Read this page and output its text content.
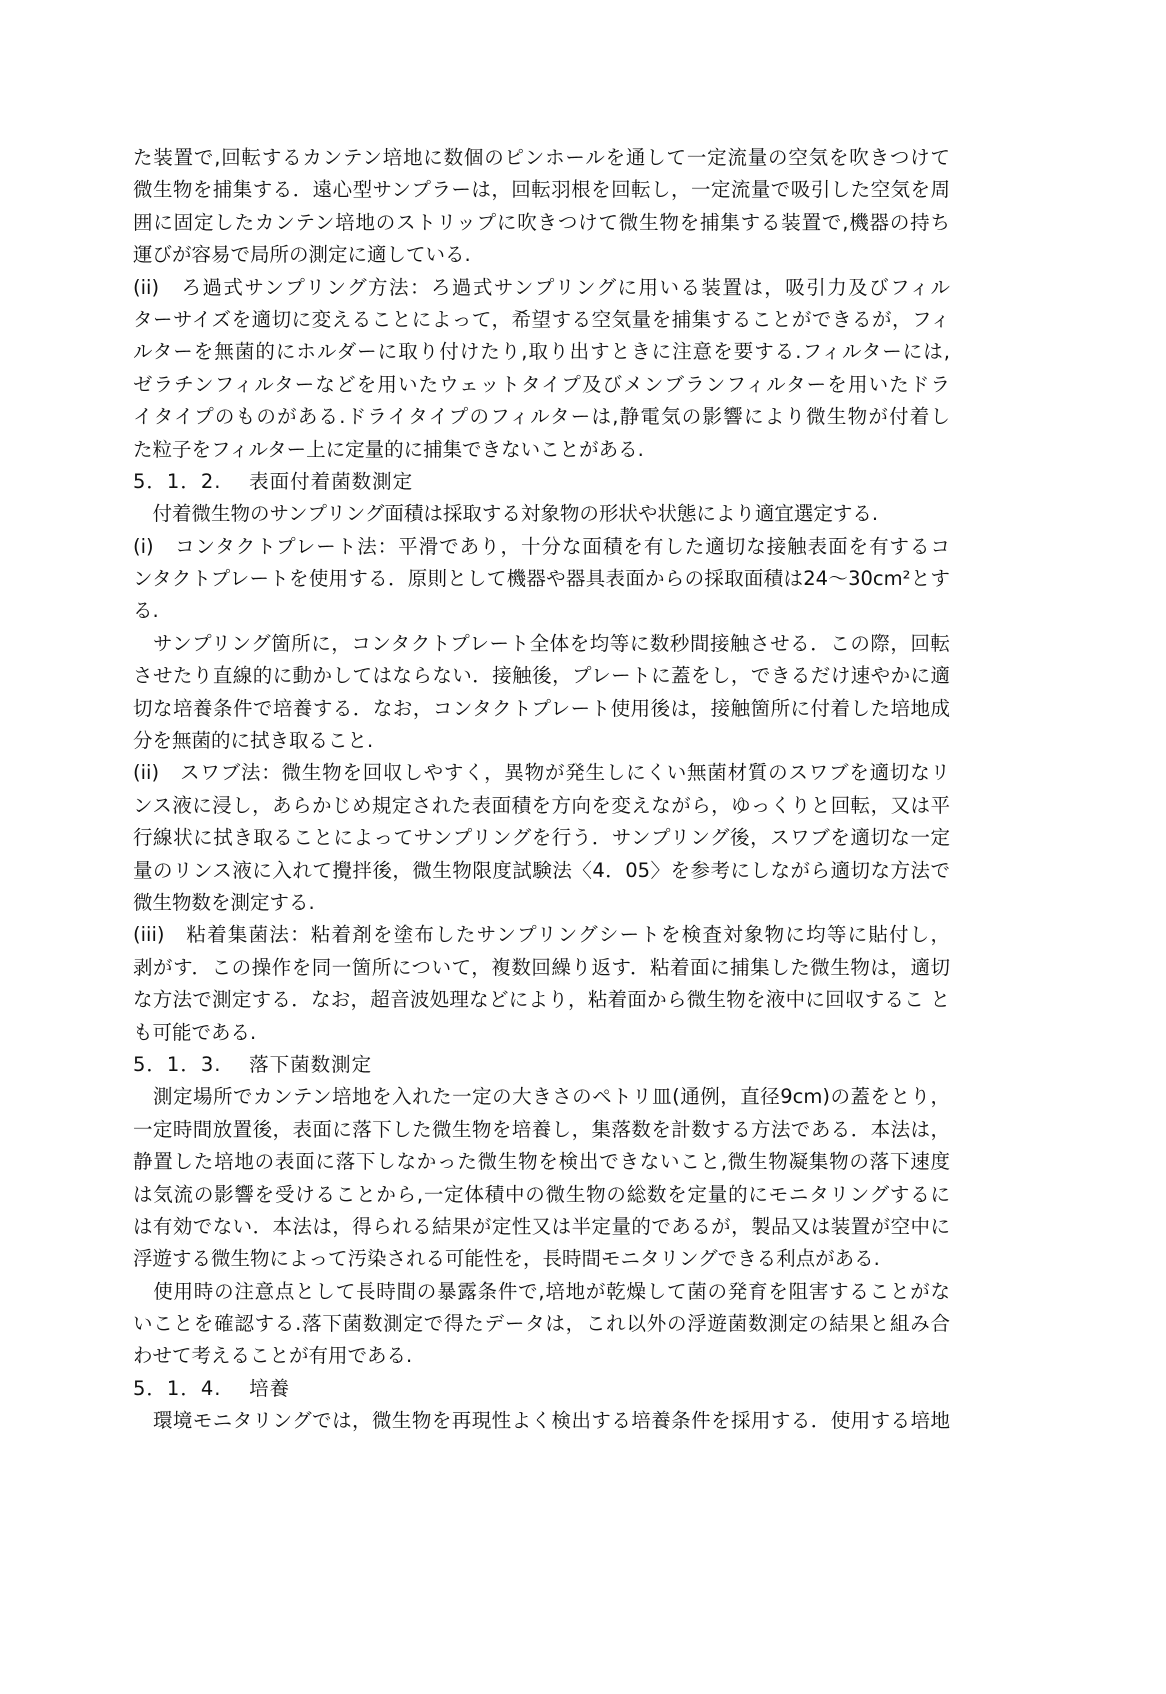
た装置で,回転するカンテン培地に数個のピンホールを通して一定流量の空気を吹きつけて
微生物を捕集する．遠心型サンプラーは，回転羽根を回転し，一定流量で吸引した空気を周
囲に固定したカンテン培地のストリップに吹きつけて微生物を捕集する装置で,機器の持ち
運びが容易で局所の測定に適している.
(ii)　ろ過式サンプリング方法：ろ過式サンプリングに用いる装置は，吸引力及びフィル
ターサイズを適切に変えることによって，希望する空気量を捕集することができるが，フィ
ルターを無菌的にホルダーに取り付けたり,取り出すときに注意を要する.フィルターには,
ゼラチンフィルターなどを用いたウェットタイプ及びメンブランフィルターを用いたドラ
イタイプのものがある.ドライタイプのフィルターは,静電気の影響により微生物が付着し
た粒子をフィルター上に定量的に捕集できないことがある.
5．1．2.　 表面付着菌数測定
　付着微生物のサンプリング面積は採取する対象物の形状や状態により適宜選定する.
(i)　コンタクトプレート法：平滑であり，十分な面積を有した適切な接触表面を有するコ
ンタクトプレートを使用する．原則として機器や器具表面からの採取面積は24～30cm²とす
る.
　サンプリング箇所に，コンタクトプレート全体を均等に数秒間接触させる．この際，回転
させたり直線的に動かしてはならない．接触後，プレートに蓋をし，できるだけ速やかに適
切な培養条件で培養する．なお，コンタクトプレート使用後は，接触箇所に付着した培地成
分を無菌的に拭き取ること.
(ii)　スワブ法：微生物を回収しやすく，異物が発生しにくい無菌材質のスワブを適切なリ
ンス液に浸し，あらかじめ規定された表面積を方向を変えながら，ゆっくりと回転，又は平
行線状に拭き取ることによってサンプリングを行う．サンプリング後，スワブを適切な一定
量のリンス液に入れて攪拌後，微生物限度試験法〈4．05〉を参考にしながら適切な方法で
微生物数を測定する.
(iii)　粘着集菌法：粘着剤を塗布したサンプリングシートを検査対象物に均等に貼付し，
剥がす．この操作を同一箇所について，複数回繰り返す．粘着面に捕集した微生物は，適切
な方法で測定する．なお，超音波処理などにより，粘着面から微生物を液中に回収するこ と
も可能である.
5．1．3.　 落下菌数測定
　測定場所でカンテン培地を入れた一定の大きさのペトリ皿(通例，直径9cm)の蓋をとり，
一定時間放置後，表面に落下した微生物を培養し，集落数を計数する方法である．本法は，
静置した培地の表面に落下しなかった微生物を検出できないこと,微生物凝集物の落下速度
は気流の影響を受けることから,一定体積中の微生物の総数を定量的にモニタリングするに
は有効でない．本法は，得られる結果が定性又は半定量的であるが，製品又は装置が空中に
浮遊する微生物によって汚染される可能性を，長時間モニタリングできる利点がある.
　使用時の注意点として長時間の暴露条件で,培地が乾燥して菌の発育を阻害することがな
いことを確認する.落下菌数測定で得たデータは，これ以外の浮遊菌数測定の結果と組み合
わせて考えることが有用である.
5．1．4.　 培養
　環境モニタリングでは，微生物を再現性よく検出する培養条件を採用する．使用する培地
